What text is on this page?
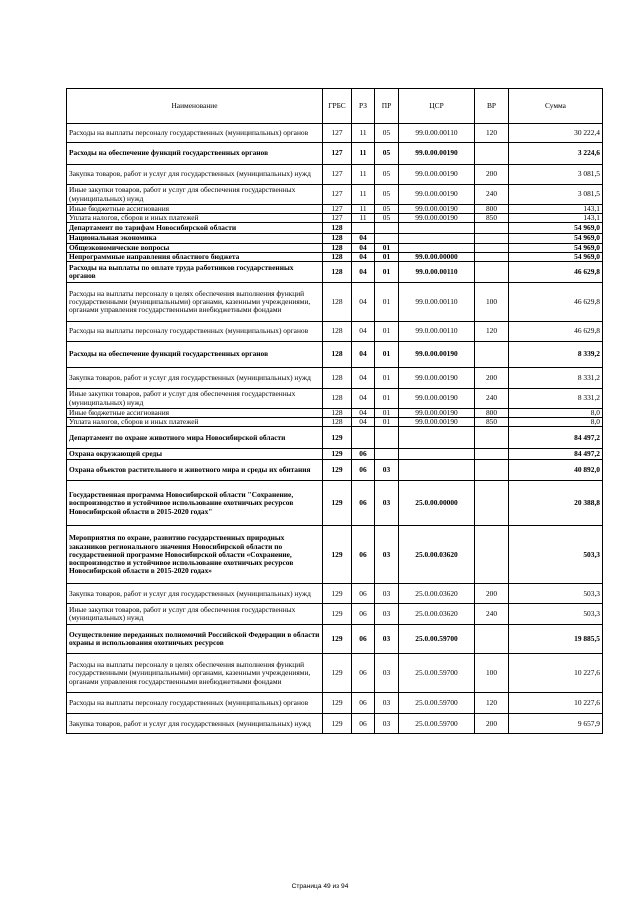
Наименование	ГРБС	РЗ	ПР	ЦСР	ВР	Сумма
Расходы на выплаты персоналу государственных (муниципальных) органов	127	11	05	99.0.00.00110	120	30 222,4
Расходы на обеспечение функций государственных органов	127	11	05	99.0.00.00190		3 224,6
Закупка товаров, работ и услуг для государственных (муниципальных) нужд	127	11	05	99.0.00.00190	200	3 081,5
Иные закупки товаров, работ и услуг для обеспечения государственных (муниципальных) нужд	127	11	05	99.0.00.00190	240	3 081,5
Иные бюджетные ассигнования	127	11	05	99.0.00.00190	800	143,1
Уплата налогов, сборов и иных платежей	127	11	05	99.0.00.00190	850	143,1
Департамент по тарифам Новосибирской области	128					54 969,0
Национальная экономика	128	04				54 969,0
Общеэкономические вопросы	128	04	01			54 969,0
Непрограммные направления областного бюджета	128	04	01	99.0.00.00000		54 969,0
Расходы на выплаты по оплате труда работников государственных органов	128	04	01	99.0.00.00110		46 629,8
Расходы на выплаты персоналу в целях обеспечения выполнения функций государственными (муниципальными) органами, казенными учреждениями, органами управления государственными внебюджетными фондами	128	04	01	99.0.00.00110	100	46 629,8
Расходы на выплаты персоналу государственных (муниципальных) органов	128	04	01	99.0.00.00110	120	46 629,8
Расходы на обеспечение функций государственных органов	128	04	01	99.0.00.00190		8 339,2
Закупка товаров, работ и услуг для государственных (муниципальных) нужд	128	04	01	99.0.00.00190	200	8 331,2
Иные закупки товаров, работ и услуг для обеспечения государственных (муниципальных) нужд	128	04	01	99.0.00.00190	240	8 331,2
Иные бюджетные ассигнования	128	04	01	99.0.00.00190	800	8,0
Уплата налогов, сборов и иных платежей	128	04	01	99.0.00.00190	850	8,0
Департамент по охране животного мира Новосибирской области	129					84 497,2
Охрана окружающей среды	129	06				84 497,2
Охрана объектов растительного и животного мира и среды их обитания	129	06	03			40 892,0
Государственная программа Новосибирской области "Сохранение, воспроизводство и устойчивое использование охотничьих ресурсов Новосибирской области в 2015-2020 годах"	129	06	03	25.0.00.00000		20 388,8
Мероприятия по охране, развитию государственных природных заказников регионального значения Новосибирской области по государственной программе Новосибирской области «Сохранение, воспроизводство и устойчивое использование охотничьих ресурсов Новосибирской области в 2015-2020 годах»	129	06	03	25.0.00.03620		503,3
Закупка товаров, работ и услуг для государственных (муниципальных) нужд	129	06	03	25.0.00.03620	200	503,3
Иные закупки товаров, работ и услуг для обеспечения государственных (муниципальных) нужд	129	06	03	25.0.00.03620	240	503,3
Осуществление переданных полномочий Российской Федерации в области охраны и использования охотничьих ресурсов	129	06	03	25.0.00.59700		19 885,5
Расходы на выплаты персоналу в целях обеспечения выполнения функций государственными (муниципальными) органами, казенными учреждениями, органами управления государственными внебюджетными фондами	129	06	03	25.0.00.59700	100	10 227,6
Расходы на выплаты персоналу государственных (муниципальных) органов	129	06	03	25.0.00.59700	120	10 227,6
Закупка товаров, работ и услуг для государственных (муниципальных) нужд	129	06	03	25.0.00.59700	200	9 657,9
Страница 49 из 94
